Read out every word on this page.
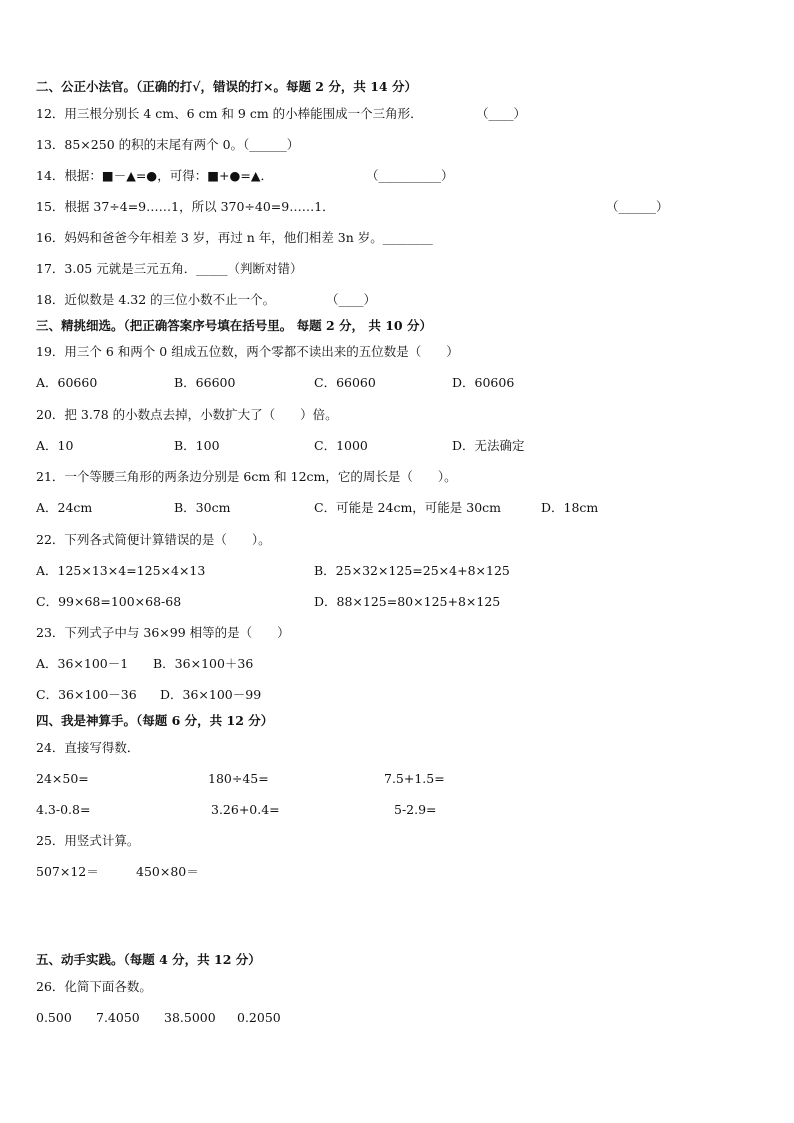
二、公正小法官。（正确的打√，错误的打×。每题 2 分，共 14 分）
12．用三根分别长 4 cm、6 cm 和 9 cm 的小棒能围成一个三角形．	（____）
13．85×250 的积的末尾有两个 0。（______）
14．根据：■－▲=●，可得：■+●=▲．	（__________）
15．根据 37÷4=9……1，所以 370÷40=9……1．	（______）
16．妈妈和爸爸今年相差 3 岁，再过 n 年，他们相差 3n 岁。________
17．3.05 元就是三元五角．_____（判断对错）
18．近似数是 4.32 的三位小数不止一个。	（____）
三、精挑细选。（把正确答案序号填在括号里。 每题 2 分， 共 10 分）
19．用三个 6 和两个 0 组成五位数，两个零都不读出来的五位数是（　　）
A．60660	B．66600	C．66060	D．60606
20．把 3.78 的小数点去掉，小数扩大了（　　）倍。
A．10	B．100	C．1000	D．无法确定
21．一个等腰三角形的两条边分别是 6cm 和 12cm，它的周长是（　　）。
A．24cm	B．30cm	C．可能是 24cm，可能是 30cm	D．18cm
22．下列各式简便计算错误的是（　　）。
A．125×13×4=125×4×13	B．25×32×125=25×4+8×125
C．99×68=100×68-68	D．88×125=80×125+8×125
23．下列式子中与 36×99 相等的是（　　）
A．36×100－1 B．36×100＋36
C．36×100－36 D．36×100－99
四、我是神算手。（每题 6 分，共 12 分）
24．直接写得数．
24×50=	180÷45=	7.5+1.5=
4.3-0.8=	3.26+0.4=	5-2.9=
25．用竖式计算。
507×12＝	450×80＝
五、动手实践。（每题 4 分，共 12 分）
26．化简下面各数。
0.500 7.4050 38.5000 0.2050
